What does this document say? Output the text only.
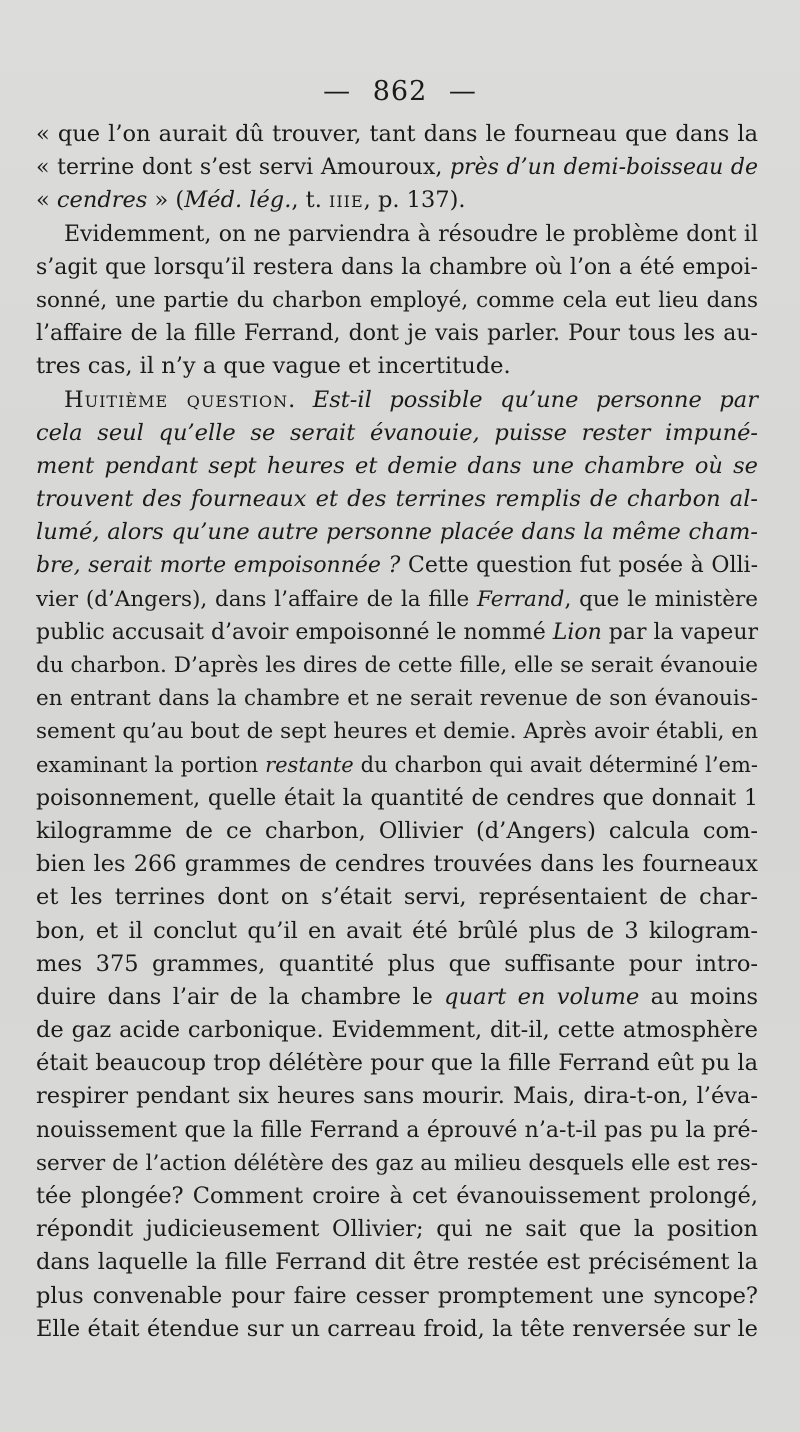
— 862 —
« que l’on aurait dû trouver, tant dans le fourneau que dans la
« terrine dont s’est servi Amouroux, près d’un demi-boisseau de
« cendres » (Méd. lég., t. iiie, p. 137).
Evidemment, on ne parviendra à résoudre le problème dont il
s’agit que lorsqu’il restera dans la chambre où l’on a été empoi-
sonné, une partie du charbon employé, comme cela eut lieu dans
l’affaire de la fille Ferrand, dont je vais parler. Pour tous les au-
tres cas, il n’y a que vague et incertitude.
Huitième question. Est-il possible qu’une personne par
cela seul qu’elle se serait évanouie, puisse rester impuné-
ment pendant sept heures et demie dans une chambre où se
trouvent des fourneaux et des terrines remplis de charbon al-
lumé, alors qu’une autre personne placée dans la même cham-
bre, serait morte empoisonnée ? Cette question fut posée à Olli-
vier (d’Angers), dans l’affaire de la fille Ferrand, que le ministère
public accusait d’avoir empoisonné le nommé Lion par la vapeur
du charbon. D’après les dires de cette fille, elle se serait évanouie
en entrant dans la chambre et ne serait revenue de son évanouis-
sement qu’au bout de sept heures et demie. Après avoir établi, en
examinant la portion restante du charbon qui avait déterminé l’em-
poisonnement, quelle était la quantité de cendres que donnait 1
kilogramme de ce charbon, Ollivier (d’Angers) calcula com-
bien les 266 grammes de cendres trouvées dans les fourneaux
et les terrines dont on s’était servi, représentaient de char-
bon, et il conclut qu’il en avait été brûlé plus de 3 kilogram-
mes 375 grammes, quantité plus que suffisante pour intro-
duire dans l’air de la chambre le quart en volume au moins
de gaz acide carbonique. Evidemment, dit-il, cette atmosphère
était beaucoup trop délétère pour que la fille Ferrand eût pu la
respirer pendant six heures sans mourir. Mais, dira-t-on, l’éva-
nouissement que la fille Ferrand a éprouvé n’a-t-il pas pu la pré-
server de l’action délétère des gaz au milieu desquels elle est res-
tée plongée? Comment croire à cet évanouissement prolongé,
répondit judicieusement Ollivier; qui ne sait que la position
dans laquelle la fille Ferrand dit être restée est précisément la
plus convenable pour faire cesser promptement une syncope?
Elle était étendue sur un carreau froid, la tête renversée sur le
